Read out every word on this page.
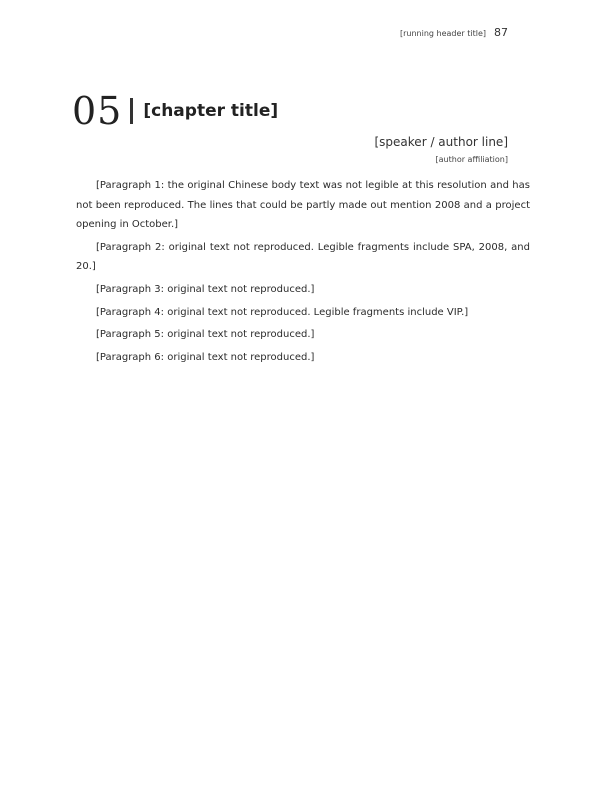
[running header title] 87
05 [chapter title]
[speaker / author line]
[author affiliation]

[Paragraph 1: the original Chinese body text was not legible at this resolution and has not been reproduced. The lines that could be partly made out mention 2008 and a project opening in October.]

[Paragraph 2: original text not reproduced. Legible fragments include SPA, 2008, and 20.]

[Paragraph 3: original text not reproduced.]

[Paragraph 4: original text not reproduced. Legible fragments include VIP.]

[Paragraph 5: original text not reproduced.]

[Paragraph 6: original text not reproduced.]
